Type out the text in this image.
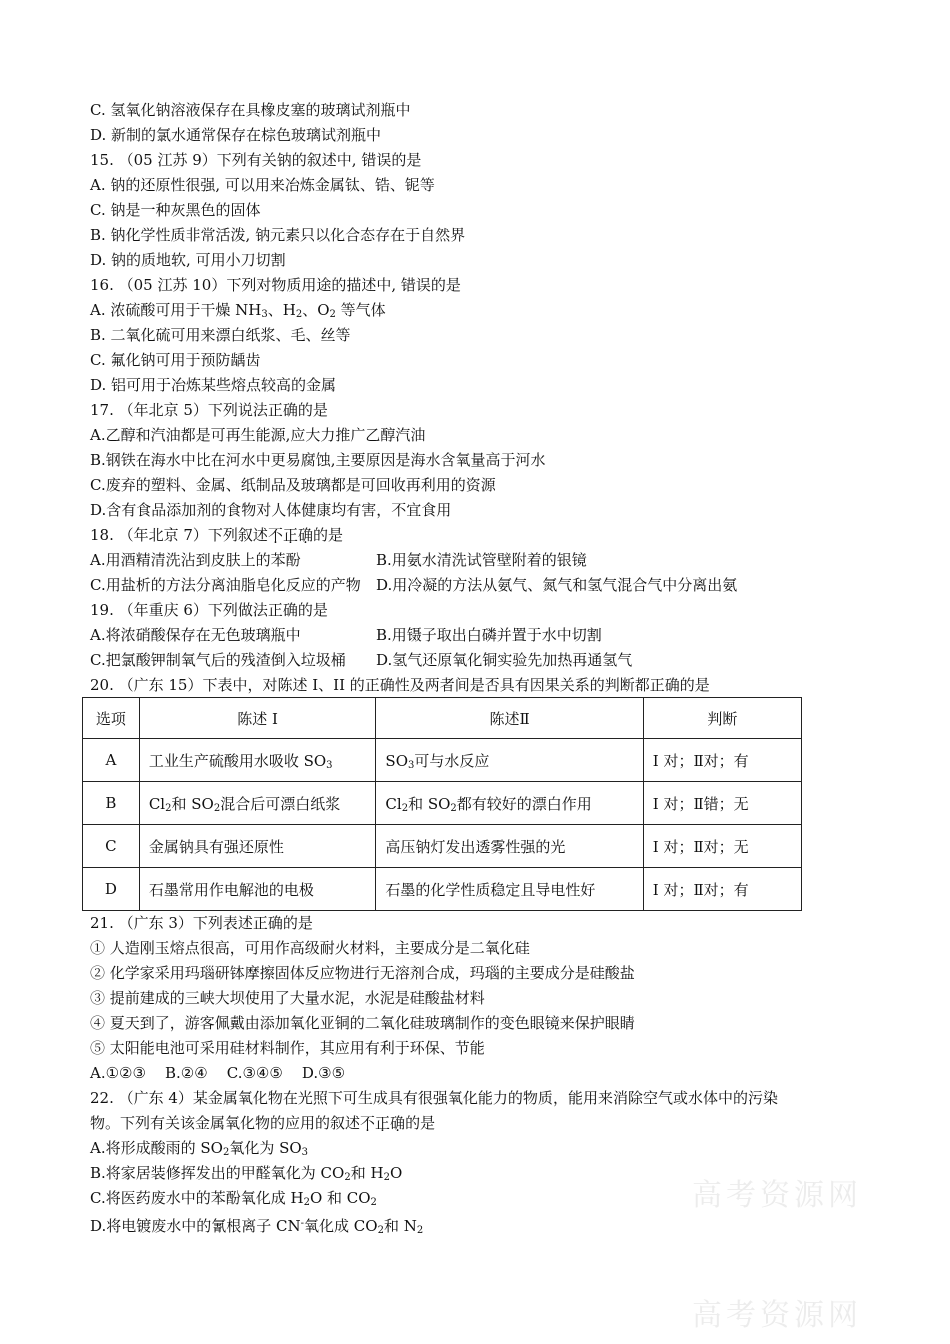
C. 氢氧化钠溶液保存在具橡皮塞的玻璃试剂瓶中
D. 新制的氯水通常保存在棕色玻璃试剂瓶中
15. （05 江苏 9）下列有关钠的叙述中, 错误的是
A. 钠的还原性很强, 可以用来冶炼金属钛、锆、铌等
C. 钠是一种灰黑色的固体
B. 钠化学性质非常活泼, 钠元素只以化合态存在于自然界
D. 钠的质地软, 可用小刀切割
16. （05 江苏 10）下列对物质用途的描述中, 错误的是
A. 浓硫酸可用于干燥 $NH_3$、$H_2$、$O_2$ 等气体
B. 二氧化硫可用来漂白纸浆、毛、丝等
C. 氟化钠可用于预防龋齿
D. 铝可用于冶炼某些熔点较高的金属
17. （年北京 5）下列说法正确的是
A.乙醇和汽油都是可再生能源,应大力推广乙醇汽油
B.钢铁在海水中比在河水中更易腐蚀,主要原因是海水含氧量高于河水
C.废弃的塑料、金属、纸制品及玻璃都是可回收再利用的资源
D.含有食品添加剂的食物对人体健康均有害，不宜食用
18. （年北京 7）下列叙述不正确的是
A.用酒精清洗沾到皮肤上的苯酚	B.用氨水清洗试管壁附着的银镜
C.用盐析的方法分离油脂皂化反应的产物	D.用冷凝的方法从氨气、氮气和氢气混合气中分离出氨
19. （年重庆 6）下列做法正确的是
A.将浓硝酸保存在无色玻璃瓶中	B.用镊子取出白磷并置于水中切割
C.把氯酸钾制氧气后的残渣倒入垃圾桶	D.氢气还原氧化铜实验先加热再通氢气
20. （广东 15）下表中，对陈述 I、II 的正确性及两者间是否具有因果关系的判断都正确的是
选项	陈述 I	陈述Ⅱ	判断
A	工业生产硫酸用水吸收 $SO_3$	$SO_3$可与水反应	I 对；Ⅱ对；有
B	$Cl_2$和 $SO_2$混合后可漂白纸浆	$Cl_2$和 $SO_2$都有较好的漂白作用	I 对；Ⅱ错；无
C	金属钠具有强还原性	高压钠灯发出透雾性强的光	I 对；Ⅱ对；无
D	石墨常用作电解池的电极	石墨的化学性质稳定且导电性好	I 对；Ⅱ对；有
21. （广东 3）下列表述正确的是
① 人造刚玉熔点很高，可用作高级耐火材料，主要成分是二氧化硅
② 化学家采用玛瑙研钵摩擦固体反应物进行无溶剂合成，玛瑙的主要成分是硅酸盐
③ 提前建成的三峡大坝使用了大量水泥，水泥是硅酸盐材料
④ 夏天到了，游客佩戴由添加氧化亚铜的二氧化硅玻璃制作的变色眼镜来保护眼睛
⑤ 太阳能电池可采用硅材料制作，其应用有利于环保、节能
A.①②③    B.②④    C.③④⑤    D.③⑤
22. （广东 4）某金属氧化物在光照下可生成具有很强氧化能力的物质，能用来消除空气或水体中的污染
物。下列有关该金属氧化物的应用的叙述不正确的是
A.将形成酸雨的 $SO_2$氧化为 $SO_3$
B.将家居装修挥发出的甲醛氧化为 $CO_2$和 $H_2O$
C.将医药废水中的苯酚氧化成 $H_2O$ 和 $CO_2$
D.将电镀废水中的氰根离子 CN-氧化成 $CO_2$和 $N_2$
高考资源网
高考资源网
